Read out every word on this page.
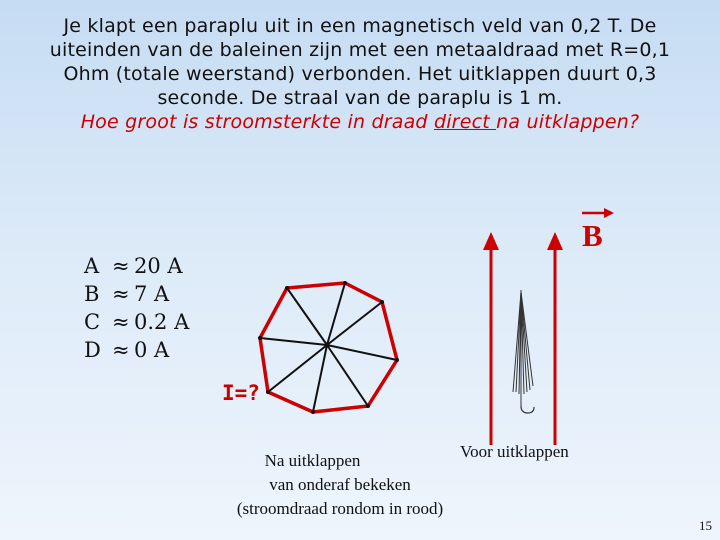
Je klapt een paraplu uit in een magnetisch veld van 0,2 T. De
uiteinden van de baleinen zijn met een metaaldraad met R=0,1
Ohm (totale weerstand) verbonden. Het uitklappen duurt 0,3
seconde. De straal van de paraplu is 1 m.
Hoe groot is stroomsterkte in draad direct na uitklappen?
A ≈ 20 A
B ≈ 7 A
C ≈ 0.2 A
D ≈ 0 A
B
I=?
Voor uitklappen
Na uitklappen
van onderaf bekeken
(stroomdraad rondom in rood)
15
